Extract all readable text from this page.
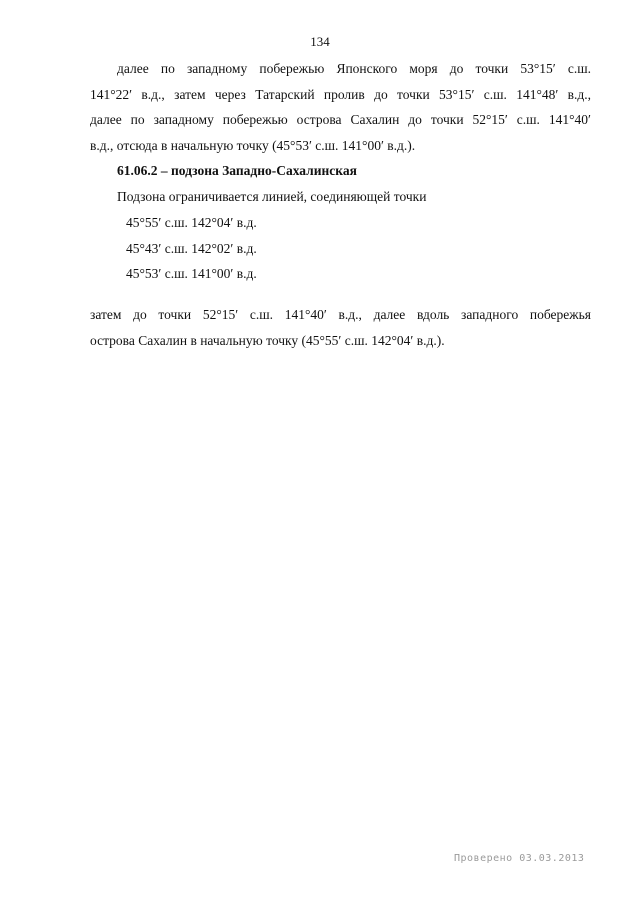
134
далее по западному побережью Японского моря до точки 53°15′ с.ш.
141°22′ в.д., затем через Татарский пролив до точки 53°15′ с.ш. 141°48′ в.д.,
далее по западному побережью острова Сахалин до точки 52°15′ с.ш. 141°40′
в.д., отсюда в начальную точку (45°53′ с.ш. 141°00′ в.д.).
61.06.2 – подзона Западно-Сахалинская
Подзона ограничивается линией, соединяющей точки
45°55′ с.ш. 142°04′ в.д.
45°43′ с.ш. 142°02′ в.д.
45°53′ с.ш. 141°00′ в.д.
затем до точки 52°15′ с.ш. 141°40′ в.д., далее вдоль западного побережья
острова Сахалин в начальную точку (45°55′ с.ш. 142°04′ в.д.).
Проверено 03.03.2013
